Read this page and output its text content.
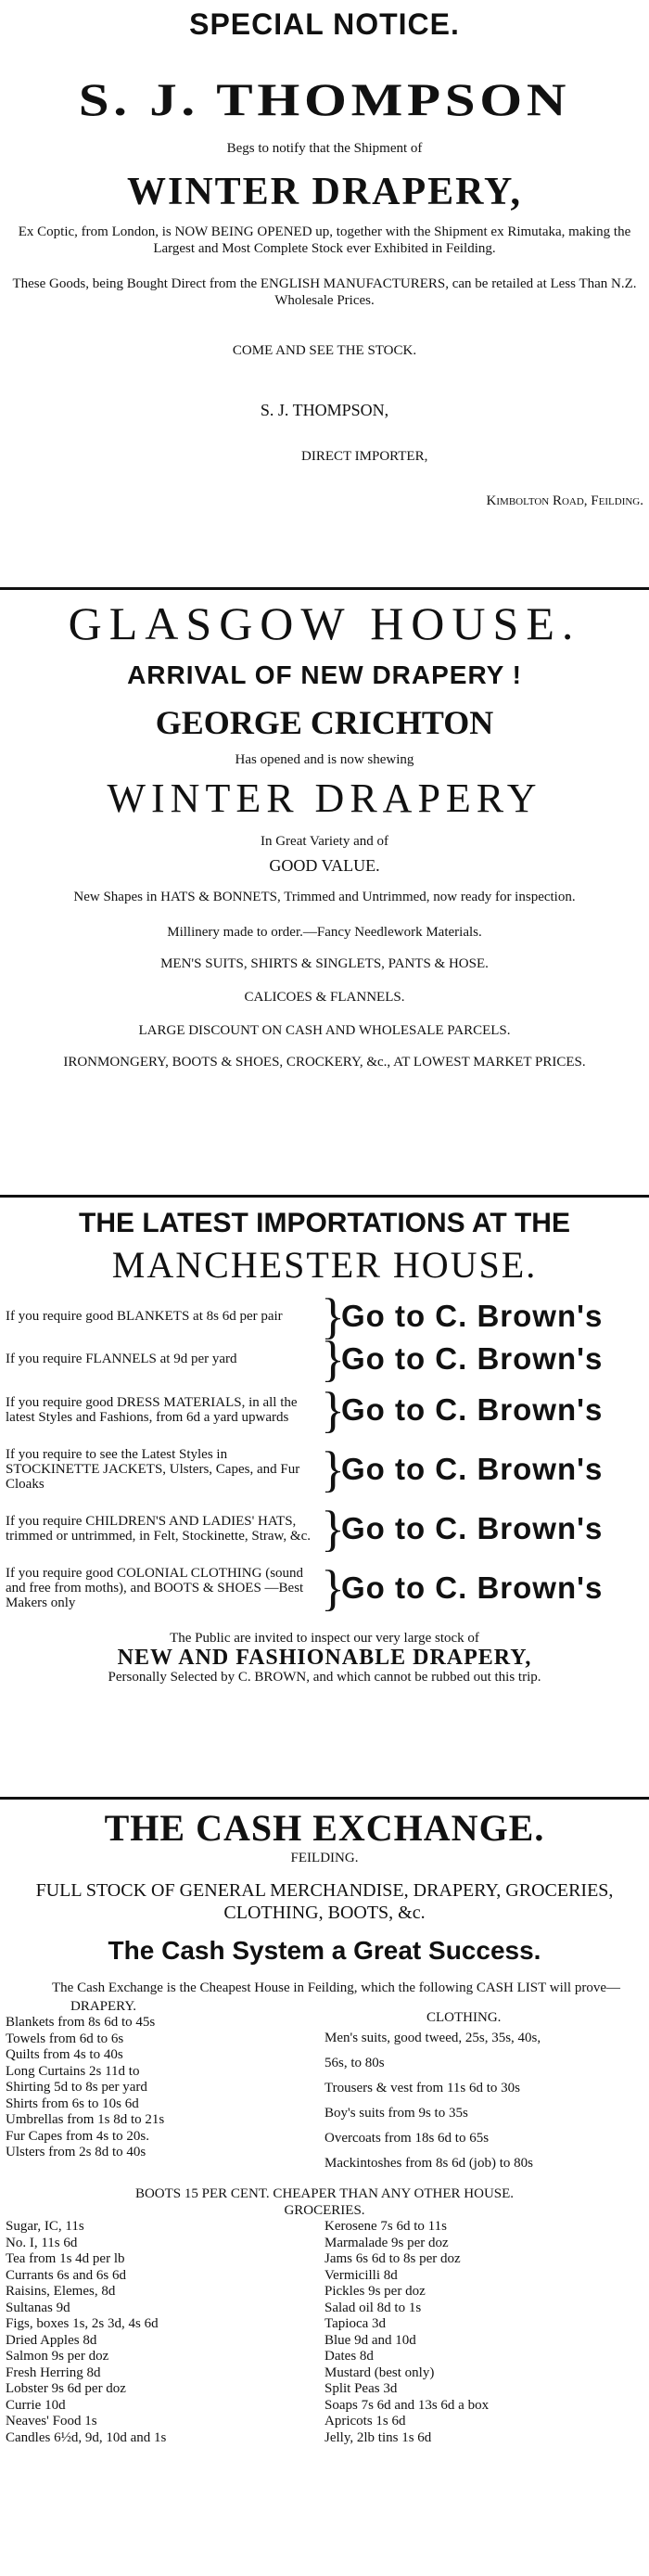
SPECIAL NOTICE.
S. J. THOMPSON
Begs to notify that the Shipment of
WINTER DRAPERY,
Ex Coptic, from London, is NOW BEING OPENED up, together with the Shipment ex Rimutaka, making the Largest and Most Complete Stock ever Exhibited in Feilding.
These Goods, being Bought Direct from the ENGLISH MANUFACTURERS, can be retailed at Less Than N.Z. Wholesale Prices.
COME AND SEE THE STOCK.
S. J. THOMPSON,
DIRECT IMPORTER,
Kimbolton Road, Feilding.
GLASGOW HOUSE.
ARRIVAL OF NEW DRAPERY !
GEORGE CRICHTON
Has opened and is now shewing
WINTER DRAPERY
In Great Variety and of
GOOD VALUE.
New Shapes in HATS & BONNETS, Trimmed and Untrimmed, now ready for inspection.
Millinery made to order.—Fancy Needlework Materials.
MEN'S SUITS, SHIRTS & SINGLETS, PANTS & HOSE.
CALICOES & FLANNELS.
LARGE DISCOUNT ON CASH AND WHOLESALE PARCELS.
IRONMONGERY, BOOTS & SHOES, CROCKERY, &c., AT LOWEST MARKET PRICES.
THE LATEST IMPORTATIONS AT THE
MANCHESTER HOUSE.
If you require good BLANKETS at 8s 6d per pair }
Go to C. Brown's
If you require FLANNELS at 9d per yard	}
Go to C. Brown's
If you require good DRESS MATERIALS, in all the latest Styles and Fashions, from 6d a yard upwards }
Go to C. Brown's
If you require to see the Latest Styles in STOCKINETTE JACKETS, Ulsters, Capes, and Fur Cloaks	}
Go to C. Brown's
If you require CHILDREN'S AND LADIES' HATS, trimmed or untrimmed, in Felt, Stockinette, Straw, &c. }
Go to C. Brown's
If you require good COLONIAL CLOTHING (sound and free from moths), and BOOTS & SHOES —Best Makers only	}
Go to C. Brown's
The Public are invited to inspect our very large stock of
NEW AND FASHIONABLE DRAPERY,
Personally Selected by C. BROWN, and which cannot be rubbed out this trip.
THE CASH EXCHANGE.
FEILDING.
FULL STOCK OF GENERAL MERCHANDISE, DRAPERY, GROCERIES, CLOTHING, BOOTS, &c.
The Cash System a Great Success.
The Cash Exchange is the Cheapest House in Feilding, which the following CASH LIST will prove—
DRAPERY.
Blankets from 8s 6d to 45s
Towels from 6d to 6s
Quilts from 4s to 40s
Long Curtains 2s 11d to
Shirting 5d to 8s per yard
Shirts from 6s to 10s 6d
Umbrellas from 1s 8d to 21s
Fur Capes from 4s to 20s.
Ulsters from 2s 8d to 40s
CLOTHING.
Men's suits, good tweed, 25s, 35s, 40s,
56s, to 80s
Trousers & vest from 11s 6d to 30s
Boy's suits from 9s to 35s
Overcoats from 18s 6d to 65s
Mackintoshes from 8s 6d (job) to 80s
BOOTS 15 PER CENT. CHEAPER THAN ANY OTHER HOUSE.
GROCERIES.
Sugar, IC, 11s
No. I, 11s 6d
Tea from 1s 4d per lb
Currants 6s and 6s 6d
Raisins, Elemes, 8d
Sultanas 9d
Figs, boxes 1s, 2s 3d, 4s 6d
Dried Apples 8d
Salmon 9s per doz
Fresh Herring 8d
Lobster 9s 6d per doz
Currie 10d
Neaves' Food 1s
Candles 6½d, 9d, 10d and 1s
Kerosene 7s 6d to 11s
Marmalade 9s per doz
Jams 6s 6d to 8s per doz
Vermicilli 8d
Pickles 9s per doz
Salad oil 8d to 1s
Tapioca 3d
Blue 9d and 10d
Dates 8d
Mustard (best only)
Split Peas 3d
Soaps 7s 6d and 13s 6d a box
Apricots 1s 6d
Jelly, 2lb tins 1s 6d
